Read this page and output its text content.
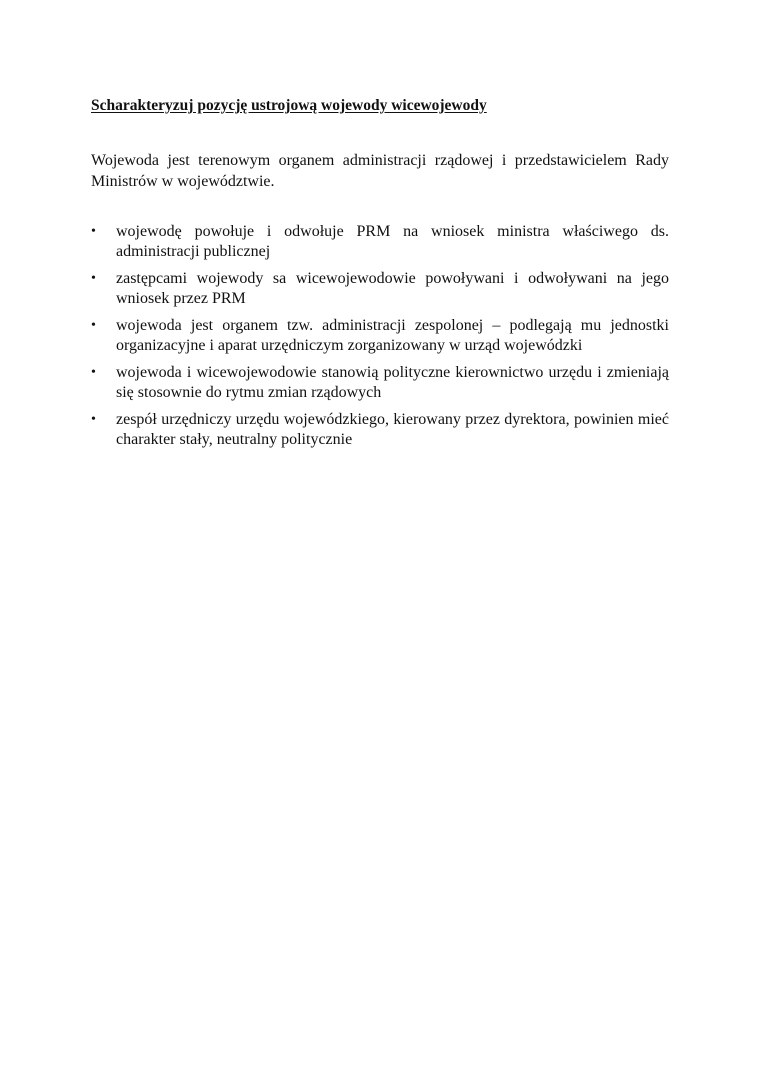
Scharakteryzuj pozycję ustrojową wojewody wicewojewody

Wojewoda jest terenowym organem administracji rządowej i przedstawicielem Rady Ministrów w województwie.

• wojewodę powołuje i odwołuje PRM na wniosek ministra właściwego ds. administracji publicznej
• zastępcami wojewody sa wicewojewodowie powoływani i odwoływani na jego wniosek przez PRM
• wojewoda jest organem tzw. administracji zespolonej – podlegają mu jednostki organizacyjne i aparat urzędniczym zorganizowany w urząd wojewódzki
• wojewoda i wicewojewodowie stanowią polityczne kierownictwo urzędu i zmieniają się stosownie do rytmu zmian rządowych
• zespół urzędniczy urzędu wojewódzkiego, kierowany przez dyrektora, powinien mieć charakter stały, neutralny politycznie
